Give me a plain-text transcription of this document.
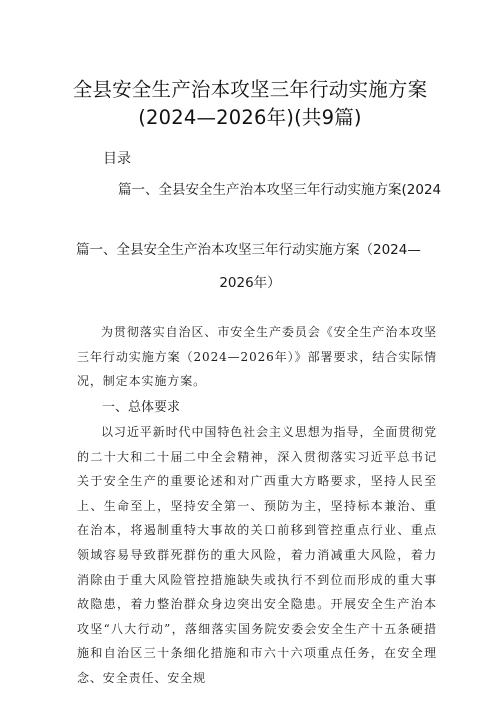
全县安全生产治本攻坚三年行动实施方案
(2024—2026年)(共9篇)
目录
篇一、全县安全生产治本攻坚三年行动实施方案(2024
篇一、全县安全生产治本攻坚三年行动实施方案（2024—
2026年）
为贯彻落实自治区、市安全生产委员会《安全生产治本攻坚三年行动实施方案（2024—2026年）》部署要求，结合实际情况，制定本实施方案。
一、总体要求
以习近平新时代中国特色社会主义思想为指导，全面贯彻党的二十大和二十届二中全会精神，深入贯彻落实习近平总书记关于安全生产的重要论述和对广西重大方略要求，坚持人民至上、生命至上，坚持安全第一、预防为主，坚持标本兼治、重在治本，将遏制重特大事故的关口前移到管控重点行业、重点领域容易导致群死群伤的重大风险，着力消减重大风险，着力消除由于重大风险管控措施缺失或执行不到位而形成的重大事故隐患，着力整治群众身边突出安全隐患。开展安全生产治本攻坚“八大行动”，落细落实国务院安委会安全生产十五条硬措施和自治区三十条细化措施和市六十六项重点任务，在安全理念、安全责任、安全规
